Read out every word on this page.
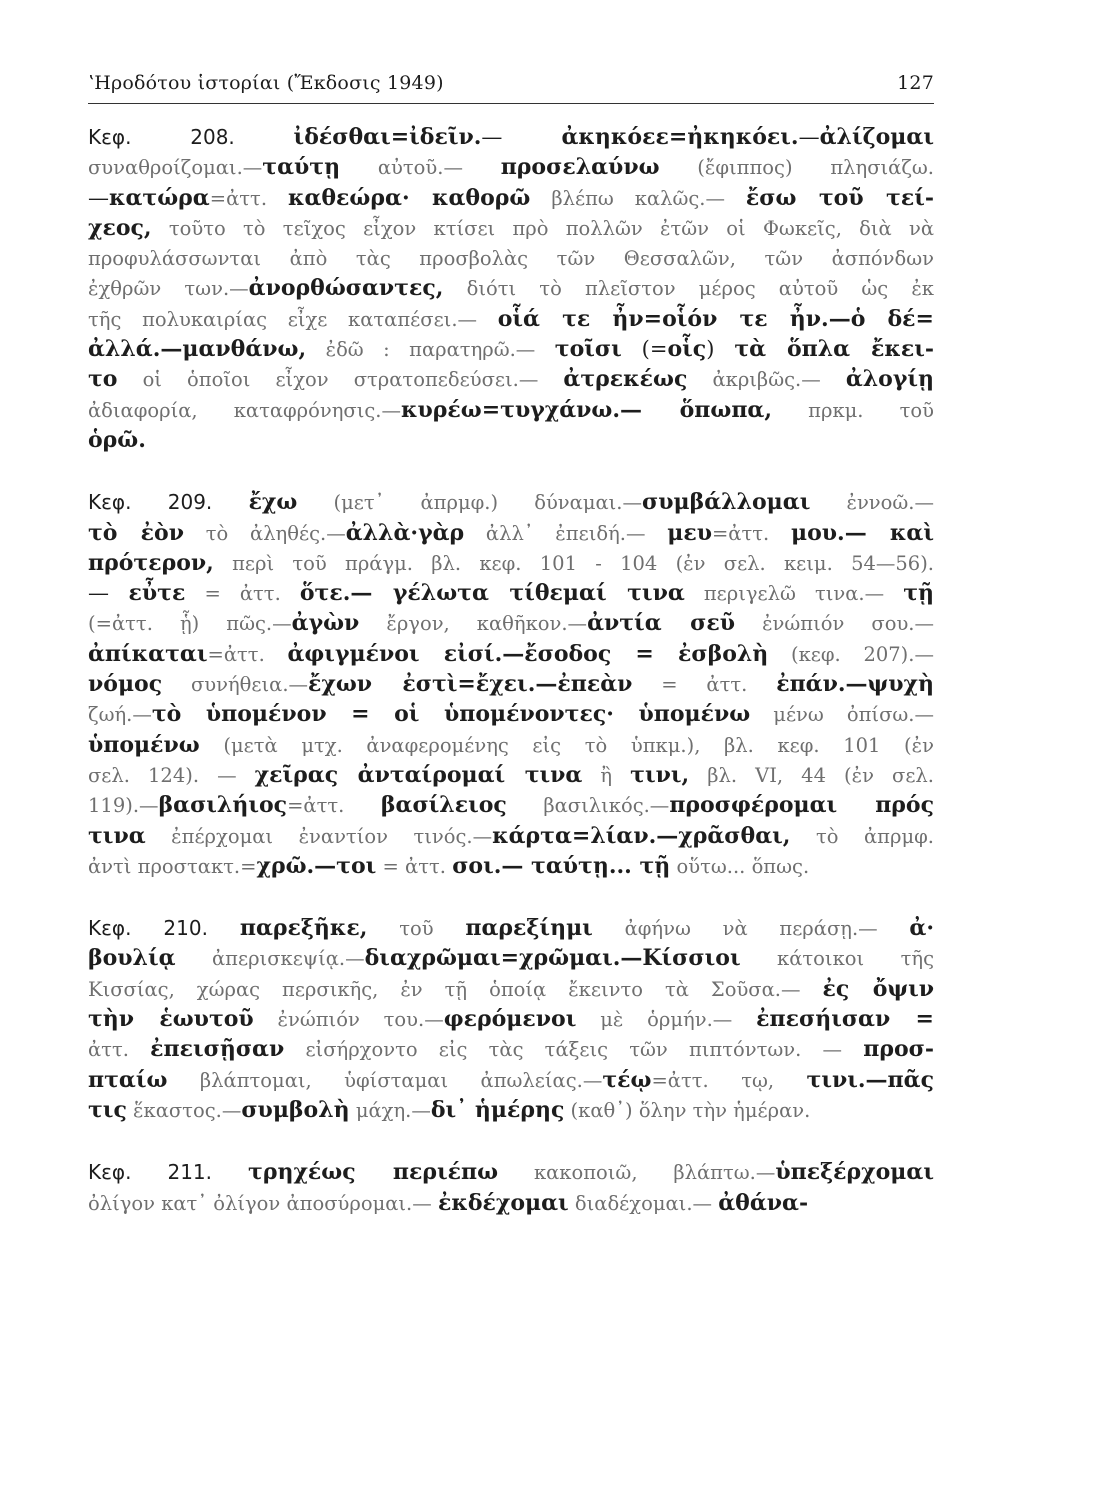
ʽΗροδότου ἱστορίαι (Ἔκδοσις 1949)	127
Κεφ. 208. ἰδέσθαι=ἰδεῖν.— ἀκηκόεε=ἠκηκόει.—ἀλίζομαι
συναθροίζομαι.—ταύτῃ αὐτοῦ.— προσελαύνω (ἔφιππος) πλησιάζω.
—κατώρα=ἀττ. καθεώρα· καθορῶ βλέπω καλῶς.— ἔσω τοῦ τεί-
χεος, τοῦτο τὸ τεῖχος εἶχον κτίσει πρὸ πολλῶν ἐτῶν οἱ Φωκεῖς, διὰ νὰ
προφυλάσσωνται ἀπὸ τὰς προσβολὰς τῶν Θεσσαλῶν, τῶν ἀσπόνδων
ἐχθρῶν των.—ἀνορθώσαντες, διότι τὸ πλεῖστον μέρος αὐτοῦ ὡς ἐκ
τῆς πολυκαιρίας εἶχε καταπέσει.— οἷά τε ἦν=οἷόν τε ἦν.—ὁ δέ=
ἀλλά.—μανθάνω, ἐδῶ : παρατηρῶ.— τοῖσι (=οἷς) τὰ ὅπλα ἔκει-
το οἱ ὁποῖοι εἶχον στρατοπεδεύσει.— ἀτρεκέως ἀκριβῶς.— ἀλογίῃ
ἀδιαφορία, καταφρόνησις.—κυρέω=τυγχάνω.— ὅπωπα, πρκμ. τοῦ
ὁρῶ.
Κεφ. 209. ἔχω (μετ᾽ ἀπρμφ.) δύναμαι.—συμβάλλομαι ἐννοῶ.—
τὸ ἐὸν τὸ ἀληθές.—ἀλλὰ·γὰρ ἀλλ᾽ ἐπειδή.— μευ=ἀττ. μου.— καὶ
πρότερον, περὶ τοῦ πράγμ. βλ. κεφ. 101 - 104 (ἐν σελ. κειμ. 54—56).
— εὖτε = ἀττ. ὅτε.— γέλωτα τίθεμαί τινα περιγελῶ τινα.— τῇ
(=ἀττ. ᾗ) πῶς.—ἀγὼν ἔργον, καθῆκον.—ἀντία σεῦ ἐνώπιόν σου.—
ἀπίκαται=ἀττ. ἀφιγμένοι εἰσί.—ἔσοδος = ἐσβολὴ (κεφ. 207).—
νόμος συνήθεια.—ἔχων ἐστὶ=ἔχει.—ἐπεὰν = ἀττ. ἐπάν.—ψυχὴ
ζωή.—τὸ ὑπομένον = οἱ ὑπομένοντες· ὑπομένω μένω ὀπίσω.—
ὑπομένω (μετὰ μτχ. ἀναφερομένης εἰς τὸ ὑπκμ.), βλ. κεφ. 101 (ἐν
σελ. 124). — χεῖρας ἀνταίρομαί τινα ἢ τινι, βλ. VI, 44 (ἐν σελ.
119).—βασιλήιος=ἀττ. βασίλειος βασιλικός.—προσφέρομαι πρός
τινα ἐπέρχομαι ἐναντίον τινός.—κάρτα=λίαν.—χρᾶσθαι, τὸ ἀπρμφ.
ἀντὶ προστακτ.=χρῶ.—τοι = ἀττ. σοι.— ταύτῃ... τῇ οὕτω... ὅπως.
Κεφ. 210. παρεξῆκε, τοῦ παρεξίημι ἀφήνω νὰ περάσῃ.— ἀ·
βουλίᾳ ἀπερισκεψίᾳ.—διαχρῶμαι=χρῶμαι.—Κίσσιοι κάτοικοι τῆς
Κισσίας, χώρας περσικῆς, ἐν τῇ ὁποίᾳ ἔκειντο τὰ Σοῦσα.— ἐς ὄψιν
τὴν ἑωυτοῦ ἐνώπιόν του.—φερόμενοι μὲ ὁρμήν.— ἐπεσήισαν =
ἀττ. ἐπεισῇσαν εἰσήρχοντο εἰς τὰς τάξεις τῶν πιπτόντων. — προσ-
πταίω βλάπτομαι, ὑφίσταμαι ἀπωλείας.—τέῳ=ἀττ. τῳ, τινι.—πᾶς
τις ἕκαστος.—συμβολὴ μάχη.—δι᾽ ἡμέρης (καθ᾽) ὅλην τὴν ἡμέραν.
Κεφ. 211. τρηχέως περιέπω κακοποιῶ, βλάπτω.—ὑπεξέρχομαι
ὀλίγον κατ᾽ ὀλίγον ἀποσύρομαι.— ἐκδέχομαι διαδέχομαι.— ἀθάνα-
